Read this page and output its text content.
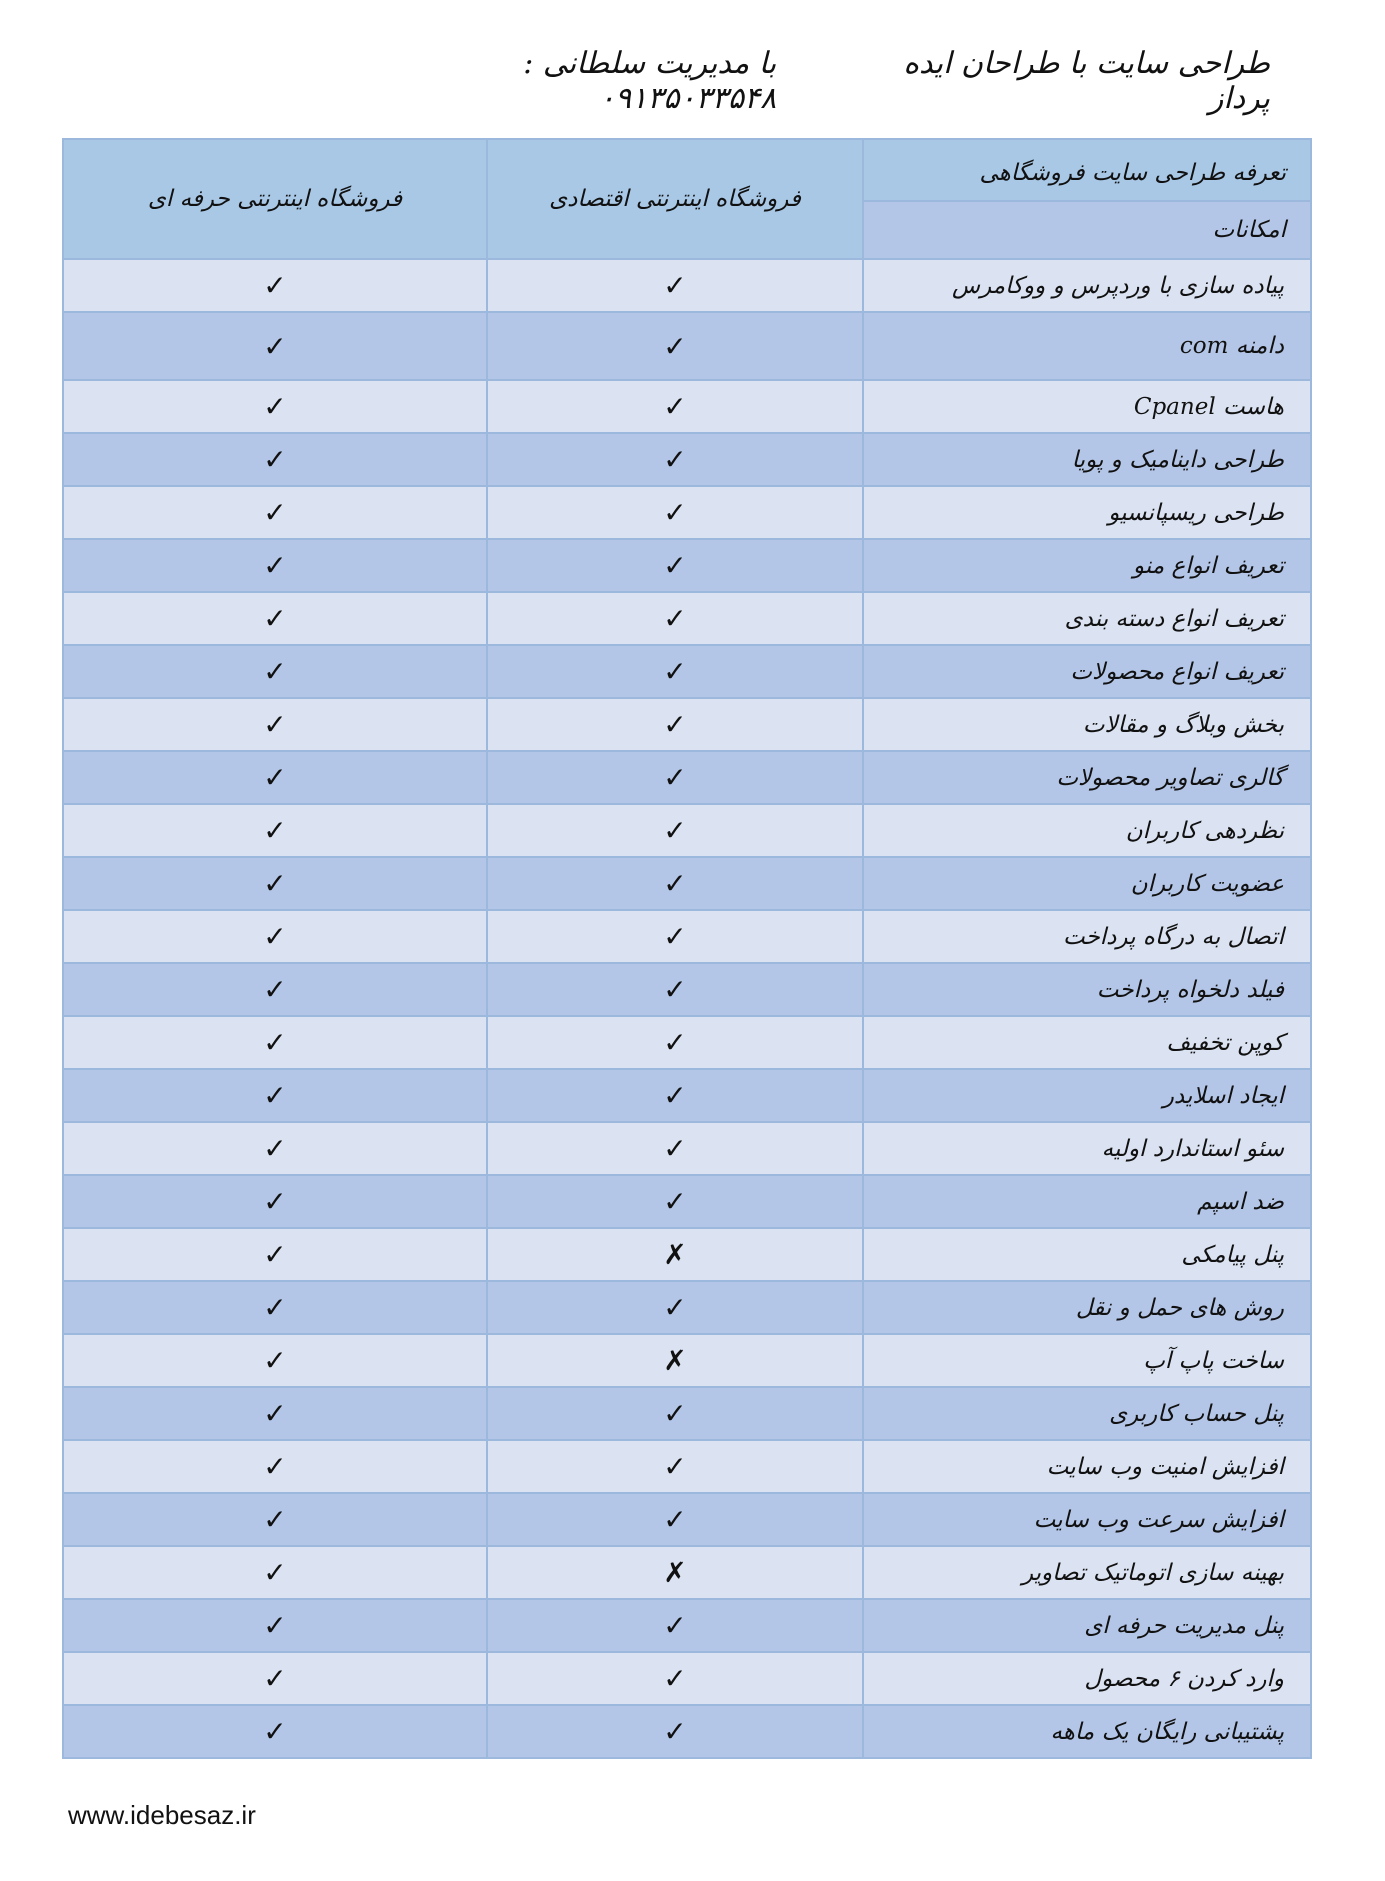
طراحی سایت با طراحان ایده پرداز
با مدیریت سلطانی : ۰۹۱۳۵۰۳۳۵۴۸
تعرفه طراحی سایت فروشگاهی
امکانات	فروشگاه اینترنتی اقتصادی	فروشگاه اینترنتی حرفه ای
پیاده سازی با وردپرس و ووکامرس	✓	✓
دامنه com	✓	✓
هاست Cpanel	✓	✓
طراحی داینامیک و پویا	✓	✓
طراحی ریسپانسیو	✓	✓
تعریف انواع منو	✓	✓
تعریف انواع دسته بندی	✓	✓
تعریف انواع محصولات	✓	✓
بخش وبلاگ و مقالات	✓	✓
گالری تصاویر محصولات	✓	✓
نظردهی کاربران	✓	✓
عضویت کاربران	✓	✓
اتصال به درگاه پرداخت	✓	✓
فیلد دلخواه پرداخت	✓	✓
کوپن تخفیف	✓	✓
ایجاد اسلایدر	✓	✓
سئو استاندارد اولیه	✓	✓
ضد اسپم	✓	✓
پنل پیامکی	✗	✓
روش های حمل و نقل	✓	✓
ساخت پاپ آپ	✗	✓
پنل حساب کاربری	✓	✓
افزایش امنیت وب سایت	✓	✓
افزایش سرعت وب سایت	✓	✓
بهینه سازی اتوماتیک تصاویر	✗	✓
پنل مدیریت حرفه ای	✓	✓
وارد کردن ۶ محصول	✓	✓
پشتیبانی رایگان یک ماهه	✓	✓
www.idebesaz.ir
